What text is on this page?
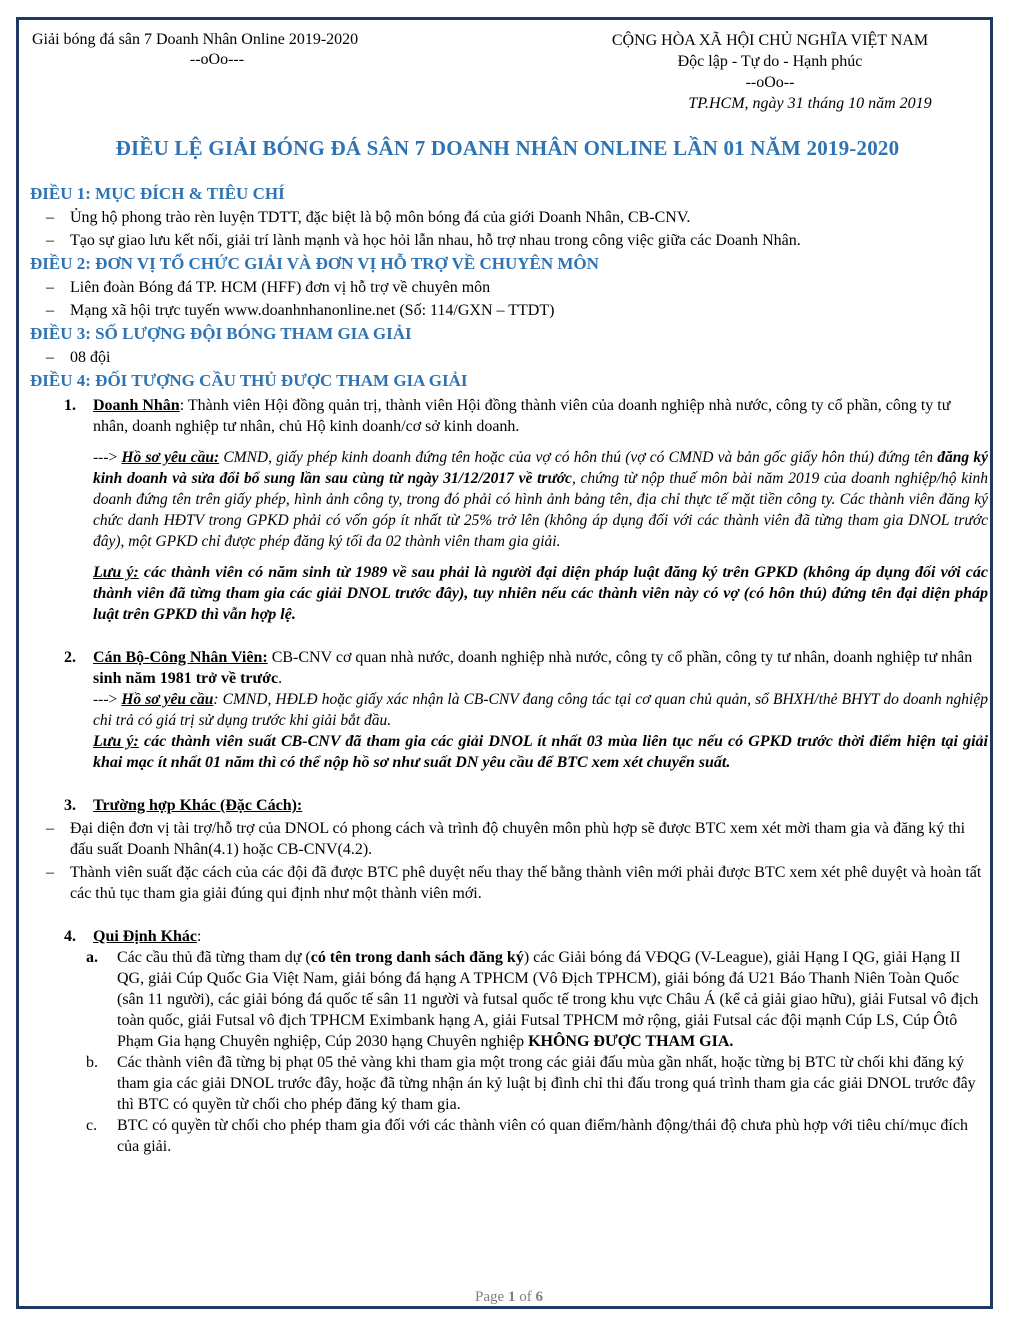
Giải bóng đá sân 7 Doanh Nhân Online 2019-2020
--oOo---
CỘNG HÒA XÃ HỘI CHỦ NGHĨA VIỆT NAM
Độc lập - Tự do - Hạnh phúc
--oOo--
TP.HCM, ngày 31 tháng 10 năm 2019
ĐIỀU LỆ GIẢI BÓNG ĐÁ SÂN 7 DOANH NHÂN ONLINE LẦN 01 NĂM 2019-2020
ĐIỀU 1: MỤC ĐÍCH & TIÊU CHÍ
– Ủng hộ phong trào rèn luyện TDTT, đặc biệt là bộ môn bóng đá của giới Doanh Nhân, CB-CNV.
– Tạo sự giao lưu kết nối, giải trí lành mạnh và học hỏi lẫn nhau, hỗ trợ nhau trong công việc giữa các Doanh Nhân.
ĐIỀU 2: ĐƠN VỊ TỔ CHỨC GIẢI VÀ ĐƠN VỊ HỖ TRỢ VỀ CHUYÊN MÔN
– Liên đoàn Bóng đá TP. HCM (HFF) đơn vị hỗ trợ về chuyên môn
– Mạng xã hội trực tuyến www.doanhnhanonline.net (Số: 114/GXN – TTDT)
ĐIỀU 3: SỐ LƯỢNG ĐỘI BÓNG THAM GIA GIẢI
– 08 đội
ĐIỀU 4: ĐỐI TƯỢNG CẦU THỦ ĐƯỢC THAM GIA GIẢI
1. Doanh Nhân: Thành viên Hội đồng quản trị, thành viên Hội đồng thành viên của doanh nghiệp nhà nước, công ty cổ phần, công ty tư nhân, doanh nghiệp tư nhân, chủ Hộ kinh doanh/cơ sở kinh doanh.
---> Hồ sơ yêu cầu: CMND, giấy phép kinh doanh đứng tên hoặc của vợ có hôn thú (vợ có CMND và bản gốc giấy hôn thú) đứng tên đăng ký kinh doanh và sửa đổi bổ sung lần sau cùng từ ngày 31/12/2017 về trước, chứng từ nộp thuế môn bài năm 2019 của doanh nghiệp/hộ kinh doanh đứng tên trên giấy phép, hình ảnh công ty, trong đó phải có hình ảnh bảng tên, địa chỉ thực tế mặt tiền công ty. Các thành viên đăng ký chức danh HĐTV trong GPKD phải có vốn góp ít nhất từ 25% trở lên (không áp dụng đối với các thành viên đã từng tham gia DNOL trước đây), một GPKD chỉ được phép đăng ký tối đa 02 thành viên tham gia giải.
Lưu ý: các thành viên có năm sinh từ 1989 về sau phải là người đại diện pháp luật đăng ký trên GPKD (không áp dụng đối với các thành viên đã từng tham gia các giải DNOL trước đây), tuy nhiên nếu các thành viên này có vợ (có hôn thú) đứng tên đại diện pháp luật trên GPKD thì vẫn hợp lệ.
2. Cán Bộ-Công Nhân Viên: CB-CNV cơ quan nhà nước, doanh nghiệp nhà nước, công ty cổ phần, công ty tư nhân, doanh nghiệp tư nhân sinh năm 1981 trở về trước.
---> Hồ sơ yêu cầu: CMND, HĐLĐ hoặc giấy xác nhận là CB-CNV đang công tác tại cơ quan chủ quản, sổ BHXH/thẻ BHYT do doanh nghiệp chi trả có giá trị sử dụng trước khi giải bắt đầu.
Lưu ý: các thành viên suất CB-CNV đã tham gia các giải DNOL ít nhất 03 mùa liên tục nếu có GPKD trước thời điểm hiện tại giải khai mạc ít nhất 01 năm thì có thể nộp hồ sơ như suất DN yêu cầu để BTC xem xét chuyển suất.
3. Trường hợp Khác (Đặc Cách):
– Đại diện đơn vị tài trợ/hỗ trợ của DNOL có phong cách và trình độ chuyên môn phù hợp sẽ được BTC xem xét mời tham gia và đăng ký thi đấu suất Doanh Nhân(4.1) hoặc CB-CNV(4.2).
– Thành viên suất đặc cách của các đội đã được BTC phê duyệt nếu thay thế bằng thành viên mới phải được BTC xem xét phê duyệt và hoàn tất các thủ tục tham gia giải đúng qui định như một thành viên mới.
4. Qui Định Khác:
a. Các cầu thủ đã từng tham dự (có tên trong danh sách đăng ký) các Giải bóng đá VĐQG (V-League), giải Hạng I QG, giải Hạng II QG, giải Cúp Quốc Gia Việt Nam, giải bóng đá hạng A TPHCM (Vô Địch TPHCM), giải bóng đá U21 Báo Thanh Niên Toàn Quốc (sân 11 người), các giải bóng đá quốc tế sân 11 người và futsal quốc tế trong khu vực Châu Á (kể cả giải giao hữu), giải Futsal vô địch toàn quốc, giải Futsal vô địch TPHCM Eximbank hạng A, giải Futsal TPHCM mở rộng, giải Futsal các đội mạnh Cúp LS, Cúp Ôtô Phạm Gia hạng Chuyên nghiệp, Cúp 2030 hạng Chuyên nghiệp KHÔNG ĐƯỢC THAM GIA.
b. Các thành viên đã từng bị phạt 05 thẻ vàng khi tham gia một trong các giải đấu mùa gần nhất, hoặc từng bị BTC từ chối khi đăng ký tham gia các giải DNOL trước đây, hoặc đã từng nhận án kỷ luật bị đình chỉ thi đấu trong quá trình tham gia các giải DNOL trước đây thì BTC có quyền từ chối cho phép đăng ký tham gia.
c. BTC có quyền từ chối cho phép tham gia đối với các thành viên có quan điểm/hành động/thái độ chưa phù hợp với tiêu chí/mục đích của giải.
Page 1 of 6
